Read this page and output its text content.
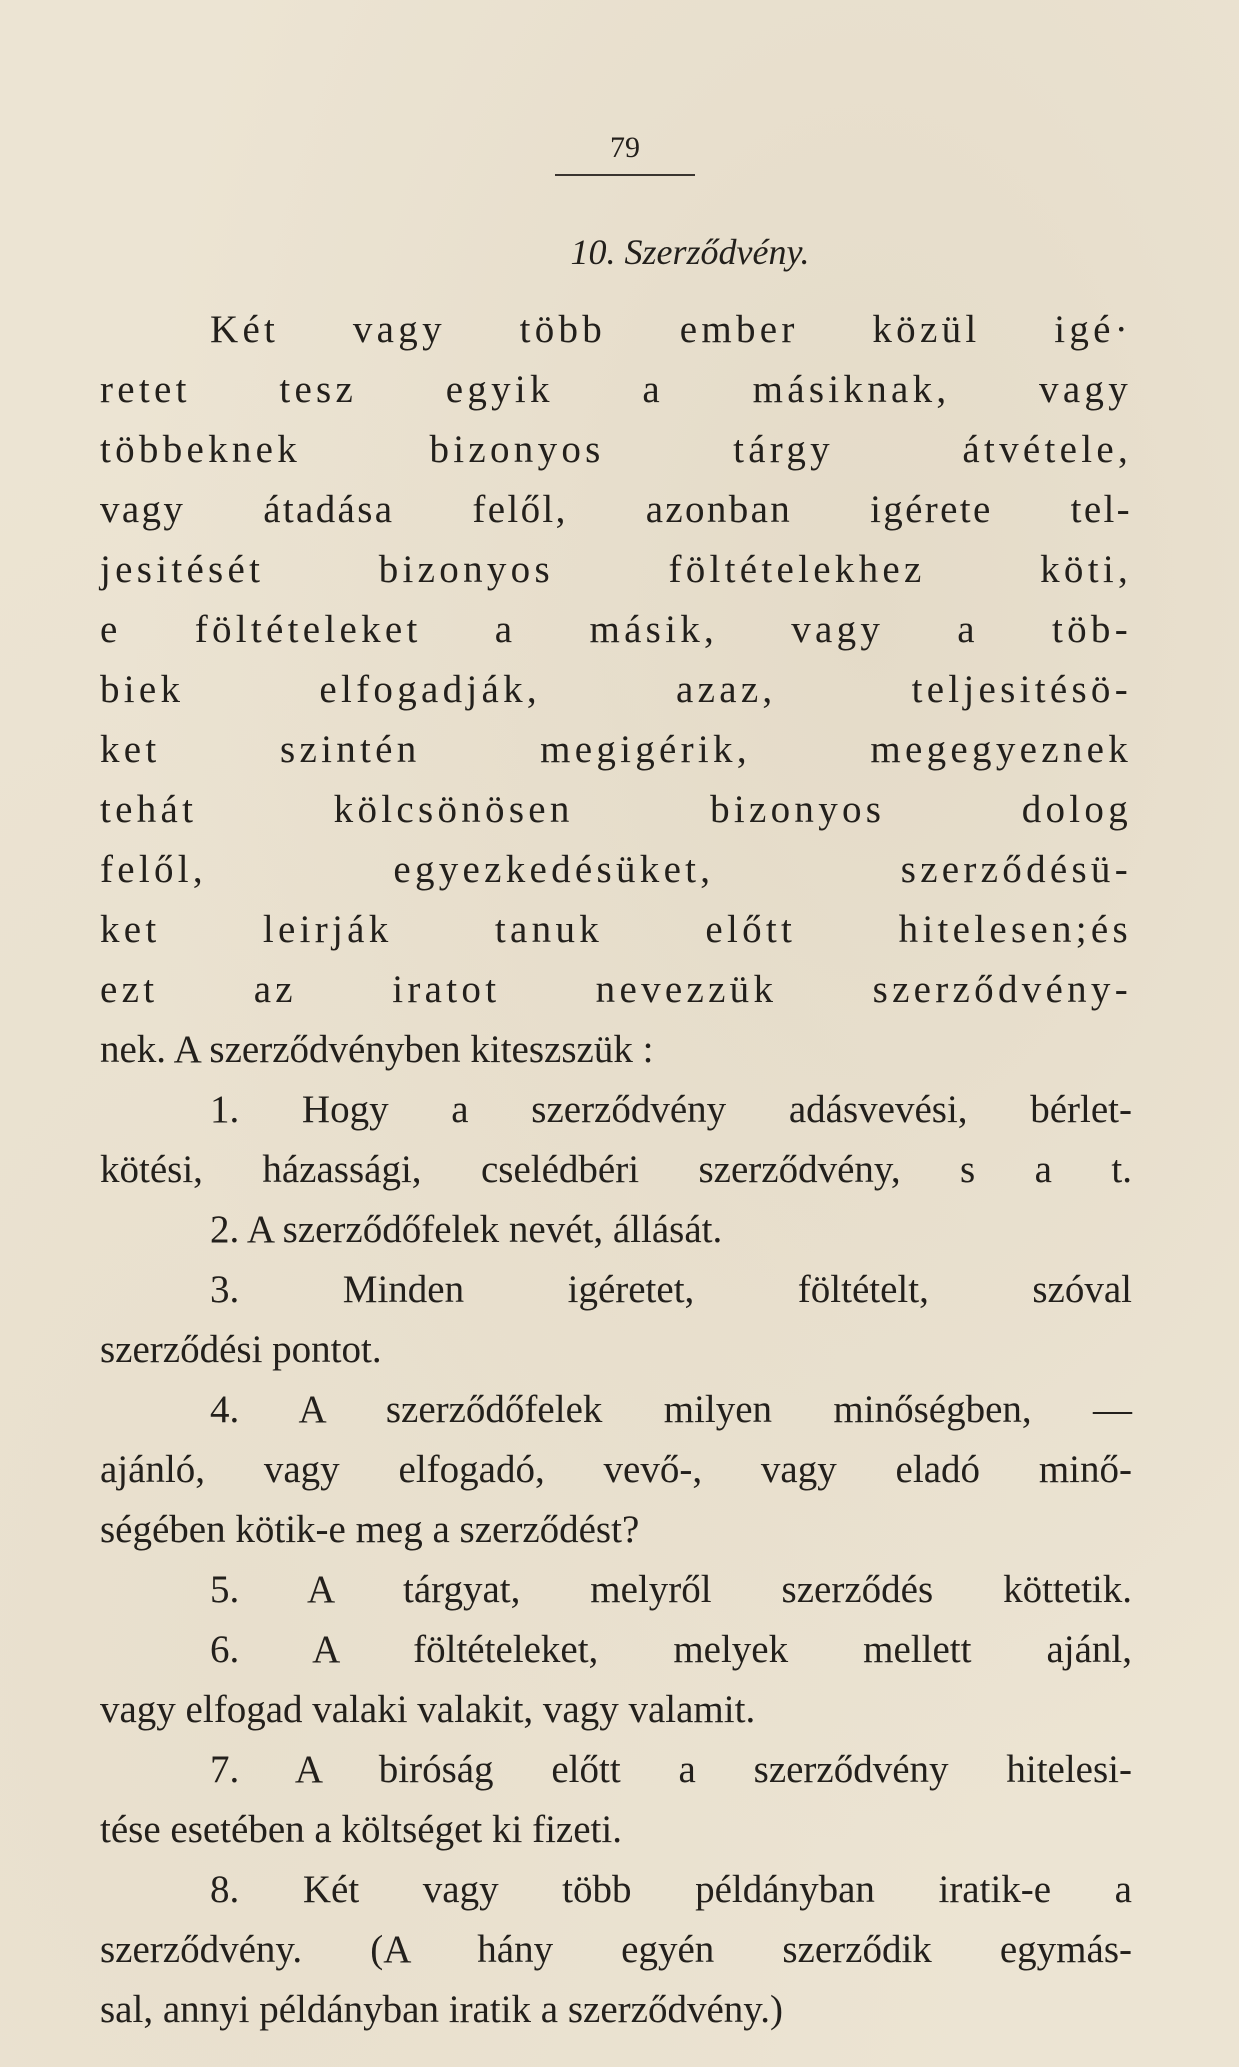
79
10. Szerződvény.
Két vagy több ember közül igé·
retet tesz egyik a másiknak, vagy
többeknek bizonyos tárgy átvétele,
vagy átadása felől, azonban igérete tel-
jesitését bizonyos föltételekhez köti,
e föltételeket a másik, vagy a töb-
biek elfogadják, azaz, teljesitésö-
ket szintén megigérik, megegyeznek
tehát kölcsönösen bizonyos dolog
felől, egyezkedésüket, szerződésü-
ket leirják tanuk előtt hitelesen;és
ezt az iratot nevezzük szerződvény-
nek. A szerződvényben kiteszszük :
1. Hogy a szerződvény adásvevési, bérlet-
kötési, házassági, cselédbéri szerződvény, s a t.
2. A szerződőfelek nevét, állását.
3. Minden igéretet, föltételt, szóval
szerződési pontot.
4. A szerződőfelek milyen minőségben, —
ajánló, vagy elfogadó, vevő-, vagy eladó minő-
ségében kötik-e meg a szerződést?
5. A tárgyat, melyről szerződés köttetik.
6. A föltételeket, melyek mellett ajánl,
vagy elfogad valaki valakit, vagy valamit.
7. A biróság előtt a szerződvény hitelesi-
tése esetében a költséget ki fizeti.
8. Két vagy több példányban iratik-e a
szerződvény. (A hány egyén szerződik egymás-
sal, annyi példányban iratik a szerződvény.)
